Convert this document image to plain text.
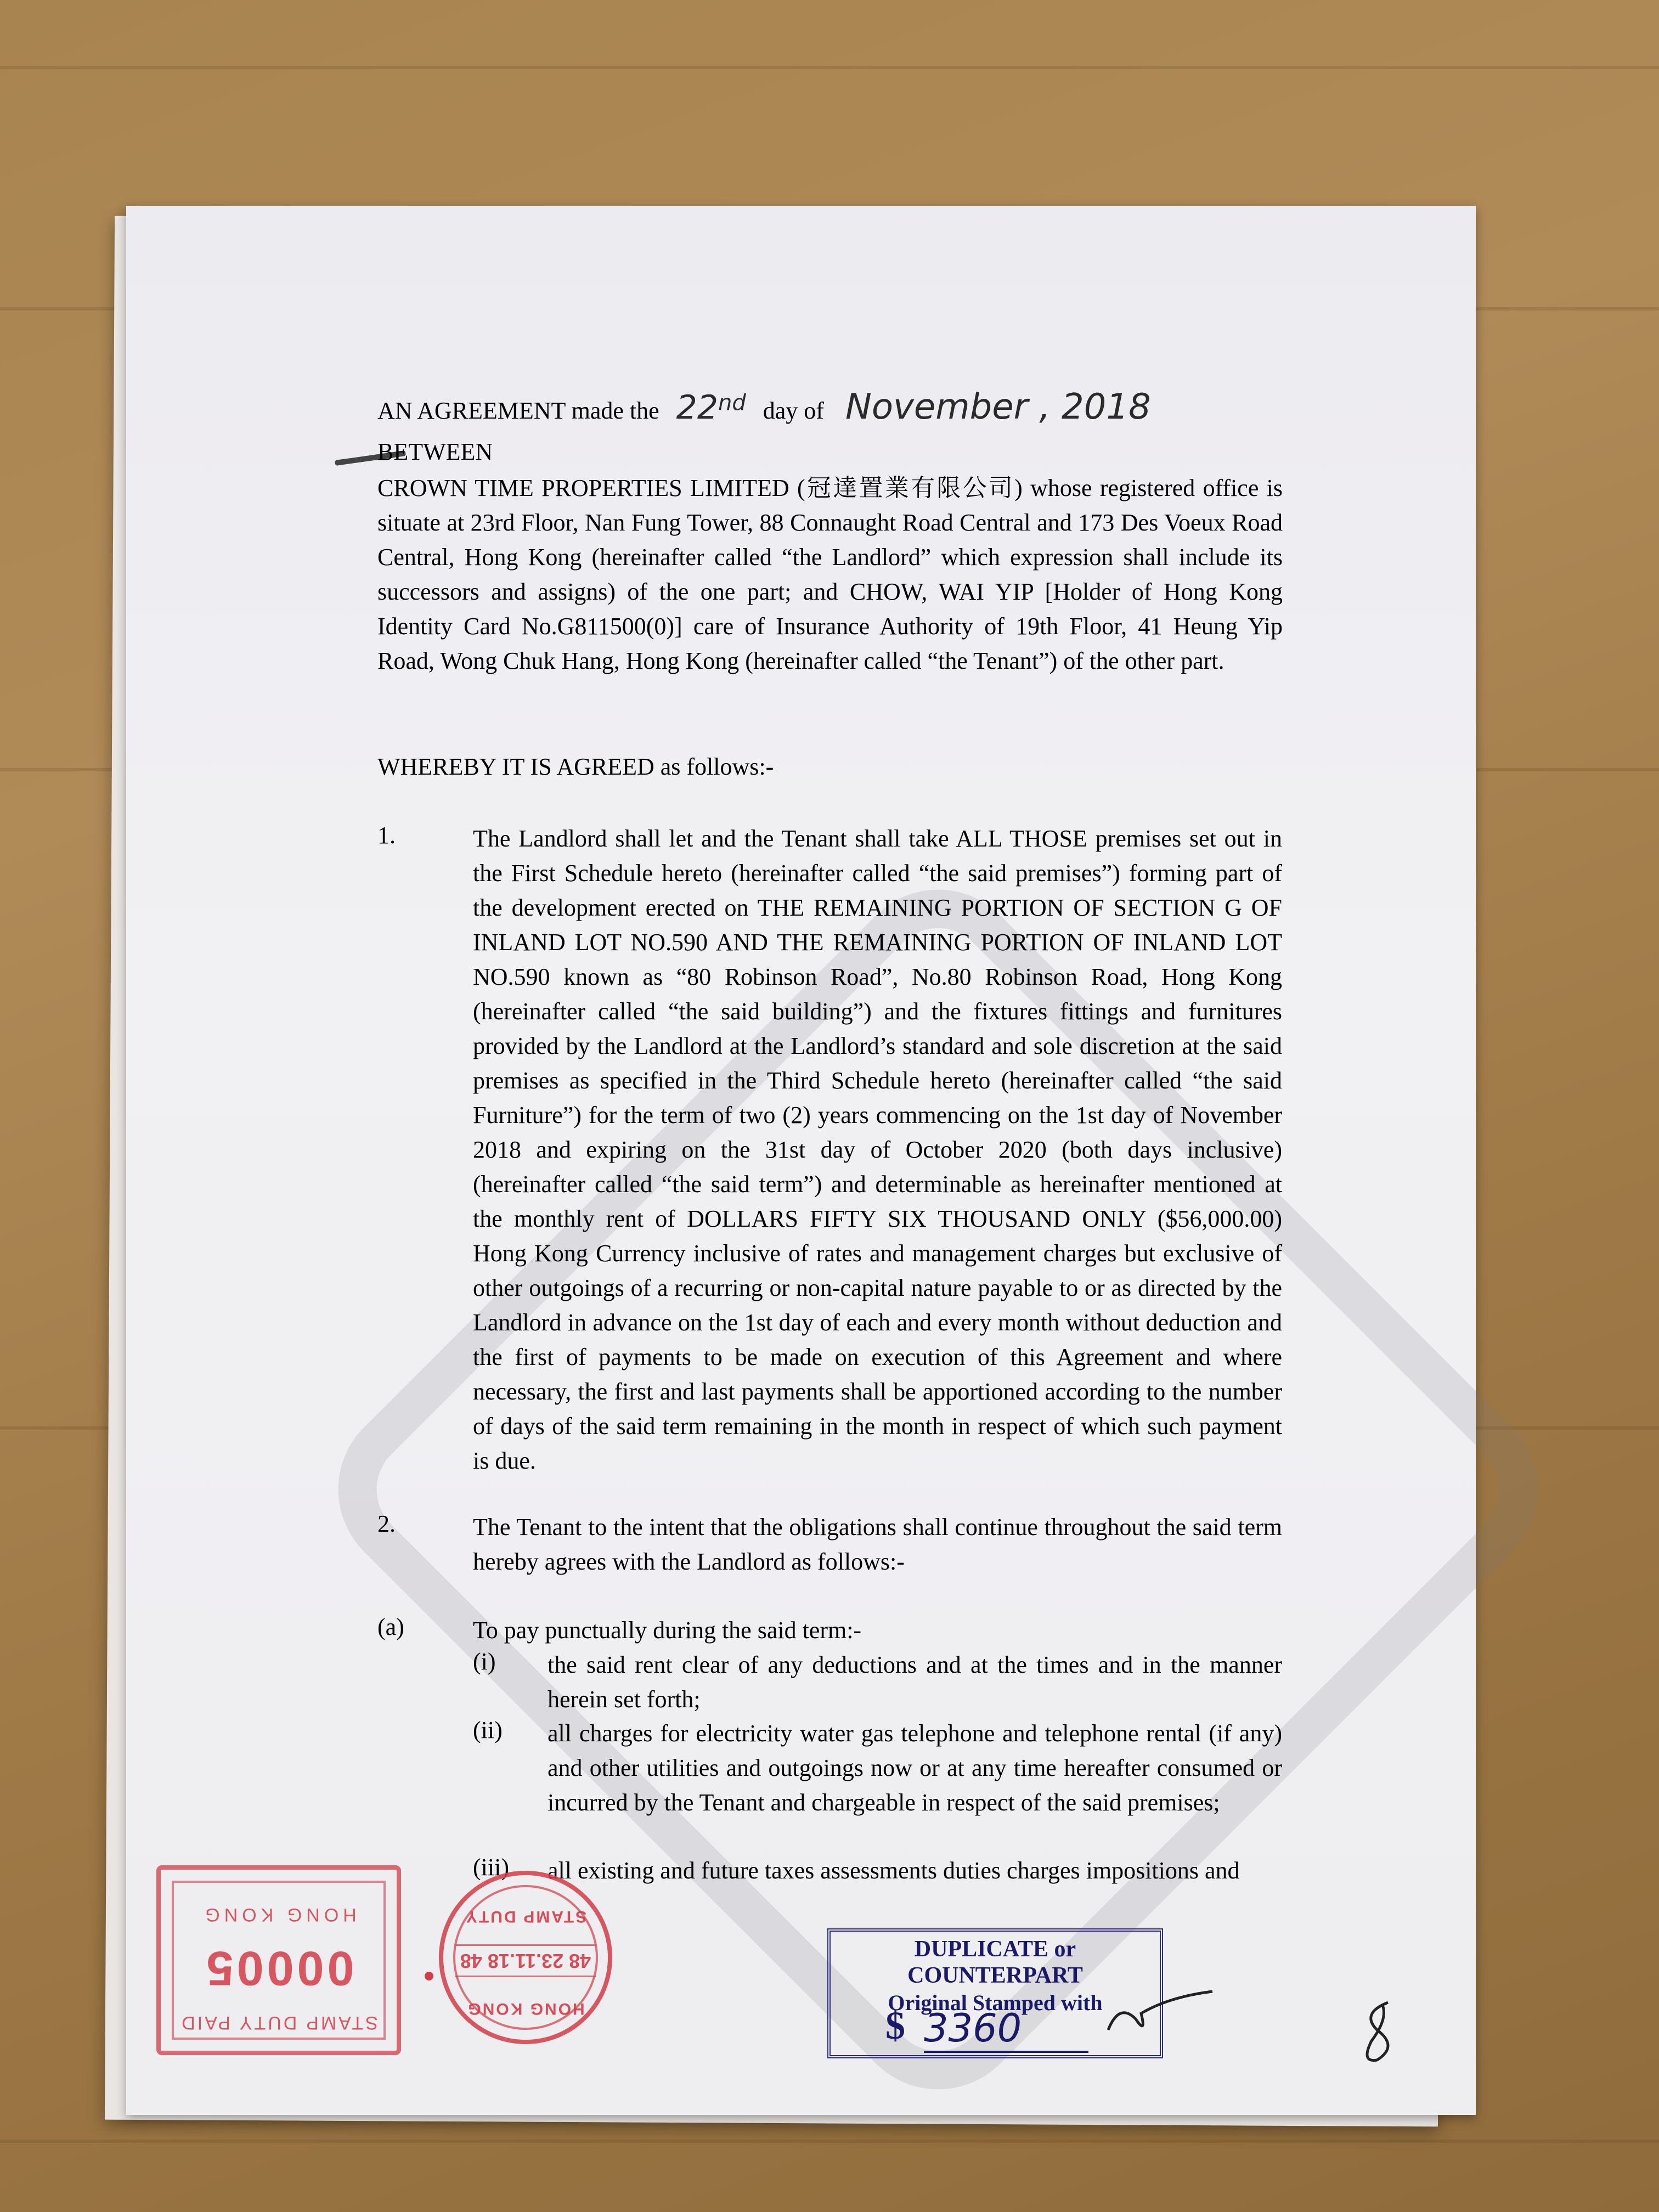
AN AGREEMENT made the 22nd day of November , 2018
BETWEEN
CROWN TIME PROPERTIES LIMITED (冠達置業有限公司) whose registered office is situate at 23rd Floor, Nan Fung Tower, 88 Connaught Road Central and 173 Des Voeux Road Central, Hong Kong (hereinafter called “the Landlord” which expression shall include its successors and assigns) of the one part; and CHOW, WAI YIP [Holder of Hong Kong Identity Card No.G811500(0)] care of Insurance Authority of 19th Floor, 41 Heung Yip Road, Wong Chuk Hang, Hong Kong (hereinafter called “the Tenant”) of the other part.
WHEREBY IT IS AGREED as follows:-
1.	The Landlord shall let and the Tenant shall take ALL THOSE premises set out in the First Schedule hereto (hereinafter called “the said premises”) forming part of the development erected on THE REMAINING PORTION OF SECTION G OF INLAND LOT NO.590 AND THE REMAINING PORTION OF INLAND LOT NO.590 known as “80 Robinson Road”, No.80 Robinson Road, Hong Kong (hereinafter called “the said building”) and the fixtures fittings and furnitures provided by the Landlord at the Landlord’s standard and sole discretion at the said premises as specified in the Third Schedule hereto (hereinafter called “the said Furniture”) for the term of two (2) years commencing on the 1st day of November 2018 and expiring on the 31st day of October 2020 (both days inclusive) (hereinafter called “the said term”) and determinable as hereinafter mentioned at the monthly rent of DOLLARS FIFTY SIX THOUSAND ONLY ($56,000.00) Hong Kong Currency inclusive of rates and management charges but exclusive of other outgoings of a recurring or non-capital nature payable to or as directed by the Landlord in advance on the 1st day of each and every month without deduction and the first of payments to be made on execution of this Agreement and where necessary, the first and last payments shall be apportioned according to the number of days of the said term remaining in the month in respect of which such payment is due.
2.	The Tenant to the intent that the obligations shall continue throughout the said term hereby agrees with the Landlord as follows:-
(a)	To pay punctually during the said term:-
(i) the said rent clear of any deductions and at the times and in the manner herein set forth;
(ii) all charges for electricity water gas telephone and telephone rental (if any) and other utilities and outgoings now or at any time hereafter consumed or incurred by the Tenant and chargeable in respect of the said premises;
(iii) all existing and future taxes assessments duties charges impositions and
STAMP DUTY PAID
00005
HONG KONG
HONG KONG
48 23.11.18 48
STAMP DUTY
DUPLICATE or COUNTERPART
Original Stamped with
$ 3360
